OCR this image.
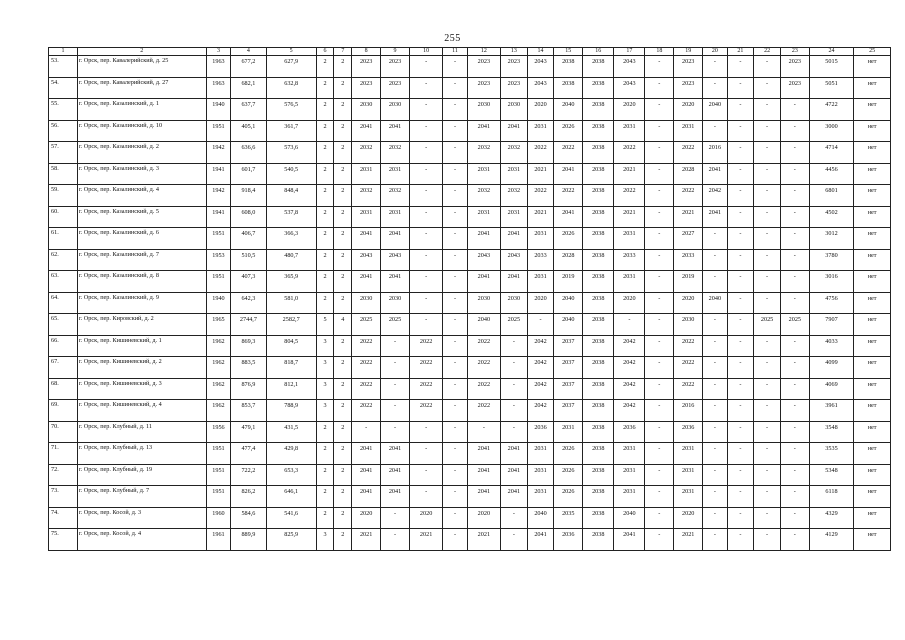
255
1	2	3	4	5	6	7	8	9	10	11	12	13	14	15	16	17	18	19	20	21	22	23	24	25
53.	г. Орск, пер. Кавалерийский, д. 25	1963	677,2	627,9	2	2	2023	2023	-	-	2023	2023	2043	2038	2038	2043	-	2023	-	-	-	2023	5015	нет
54.	г. Орск, пер. Кавалерийский, д. 27	1963	682,1	632,8	2	2	2023	2023	-	-	2023	2023	2043	2038	2038	2043	-	2023	-	-	-	2023	5051	нет
55.	г. Орск, пер. Казалинский, д. 1	1940	637,7	576,5	2	2	2030	2030	-	-	2030	2030	2020	2040	2038	2020	-	2020	2040	-	-	-	4722	нет
56.	г. Орск, пер. Казалинский, д. 10	1951	405,1	361,7	2	2	2041	2041	-	-	2041	2041	2031	2026	2038	2031	-	2031	-	-	-	-	3000	нет
57.	г. Орск, пер. Казалинский, д. 2	1942	636,6	573,6	2	2	2032	2032	-	-	2032	2032	2022	2022	2038	2022	-	2022	2016	-	-	-	4714	нет
58.	г. Орск, пер. Казалинский, д. 3	1941	601,7	540,5	2	2	2031	2031	-	-	2031	2031	2021	2041	2038	2021	-	2028	2041	-	-	-	4456	нет
59.	г. Орск, пер. Казалинский, д. 4	1942	918,4	848,4	2	2	2032	2032	-	-	2032	2032	2022	2022	2038	2022	-	2022	2042	-	-	-	6801	нет
60.	г. Орск, пер. Казалинский, д. 5	1941	608,0	537,8	2	2	2031	2031	-	-	2031	2031	2021	2041	2038	2021	-	2021	2041	-	-	-	4502	нет
61.	г. Орск, пер. Казалинский, д. 6	1951	406,7	366,3	2	2	2041	2041	-	-	2041	2041	2031	2026	2038	2031	-	2027	-	-	-	-	3012	нет
62.	г. Орск, пер. Казалинский, д. 7	1953	510,5	480,7	2	2	2043	2043	-	-	2043	2043	2033	2028	2038	2033	-	2033	-	-	-	-	3780	нет
63.	г. Орск, пер. Казалинский, д. 8	1951	407,3	365,9	2	2	2041	2041	-	-	2041	2041	2031	2019	2038	2031	-	2019	-	-	-	-	3016	нет
64.	г. Орск, пер. Казалинский, д. 9	1940	642,3	581,0	2	2	2030	2030	-	-	2030	2030	2020	2040	2038	2020	-	2020	2040	-	-	-	4756	нет
65.	г. Орск, пер. Кировский, д. 2	1965	2744,7	2582,7	5	4	2025	2025	-	-	2040	2025	-	2040	2038	-	-	2030	-	-	2025	2025	7907	нет
66.	г. Орск, пер. Кишиневский, д. 1	1962	869,3	804,5	3	2	2022	-	2022	-	2022	-	2042	2037	2038	2042	-	2022	-	-	-	-	4033	нет
67.	г. Орск, пер. Кишиневский, д. 2	1962	883,5	818,7	3	2	2022	-	2022	-	2022	-	2042	2037	2038	2042	-	2022	-	-	-	-	4099	нет
68.	г. Орск, пер. Кишиневский, д. 3	1962	876,9	812,1	3	2	2022	-	2022	-	2022	-	2042	2037	2038	2042	-	2022	-	-	-	-	4069	нет
69.	г. Орск, пер. Кишиневский, д. 4	1962	853,7	788,9	3	2	2022	-	2022	-	2022	-	2042	2037	2038	2042	-	2016	-	-	-	-	3961	нет
70.	г. Орск, пер. Клубный, д. 11	1956	479,1	431,5	2	2	-	-	-	-	-	-	2036	2031	2038	2036	-	2036	-	-	-	-	3548	нет
71.	г. Орск, пер. Клубный, д. 13	1951	477,4	429,8	2	2	2041	2041	-	-	2041	2041	2031	2026	2038	2031	-	2031	-	-	-	-	3535	нет
72.	г. Орск, пер. Клубный, д. 19	1951	722,2	653,3	2	2	2041	2041	-	-	2041	2041	2031	2026	2038	2031	-	2031	-	-	-	-	5348	нет
73.	г. Орск, пер. Клубный, д. 7	1951	826,2	646,1	2	2	2041	2041	-	-	2041	2041	2031	2026	2038	2031	-	2031	-	-	-	-	6118	нет
74.	г. Орск, пер. Косой, д. 3	1960	584,6	541,6	2	2	2020	-	2020	-	2020	-	2040	2035	2038	2040	-	2020	-	-	-	-	4329	нет
75.	г. Орск, пер. Косой, д. 4	1961	889,9	825,9	3	2	2021	-	2021	-	2021	-	2041	2036	2038	2041	-	2021	-	-	-	-	4129	нет
